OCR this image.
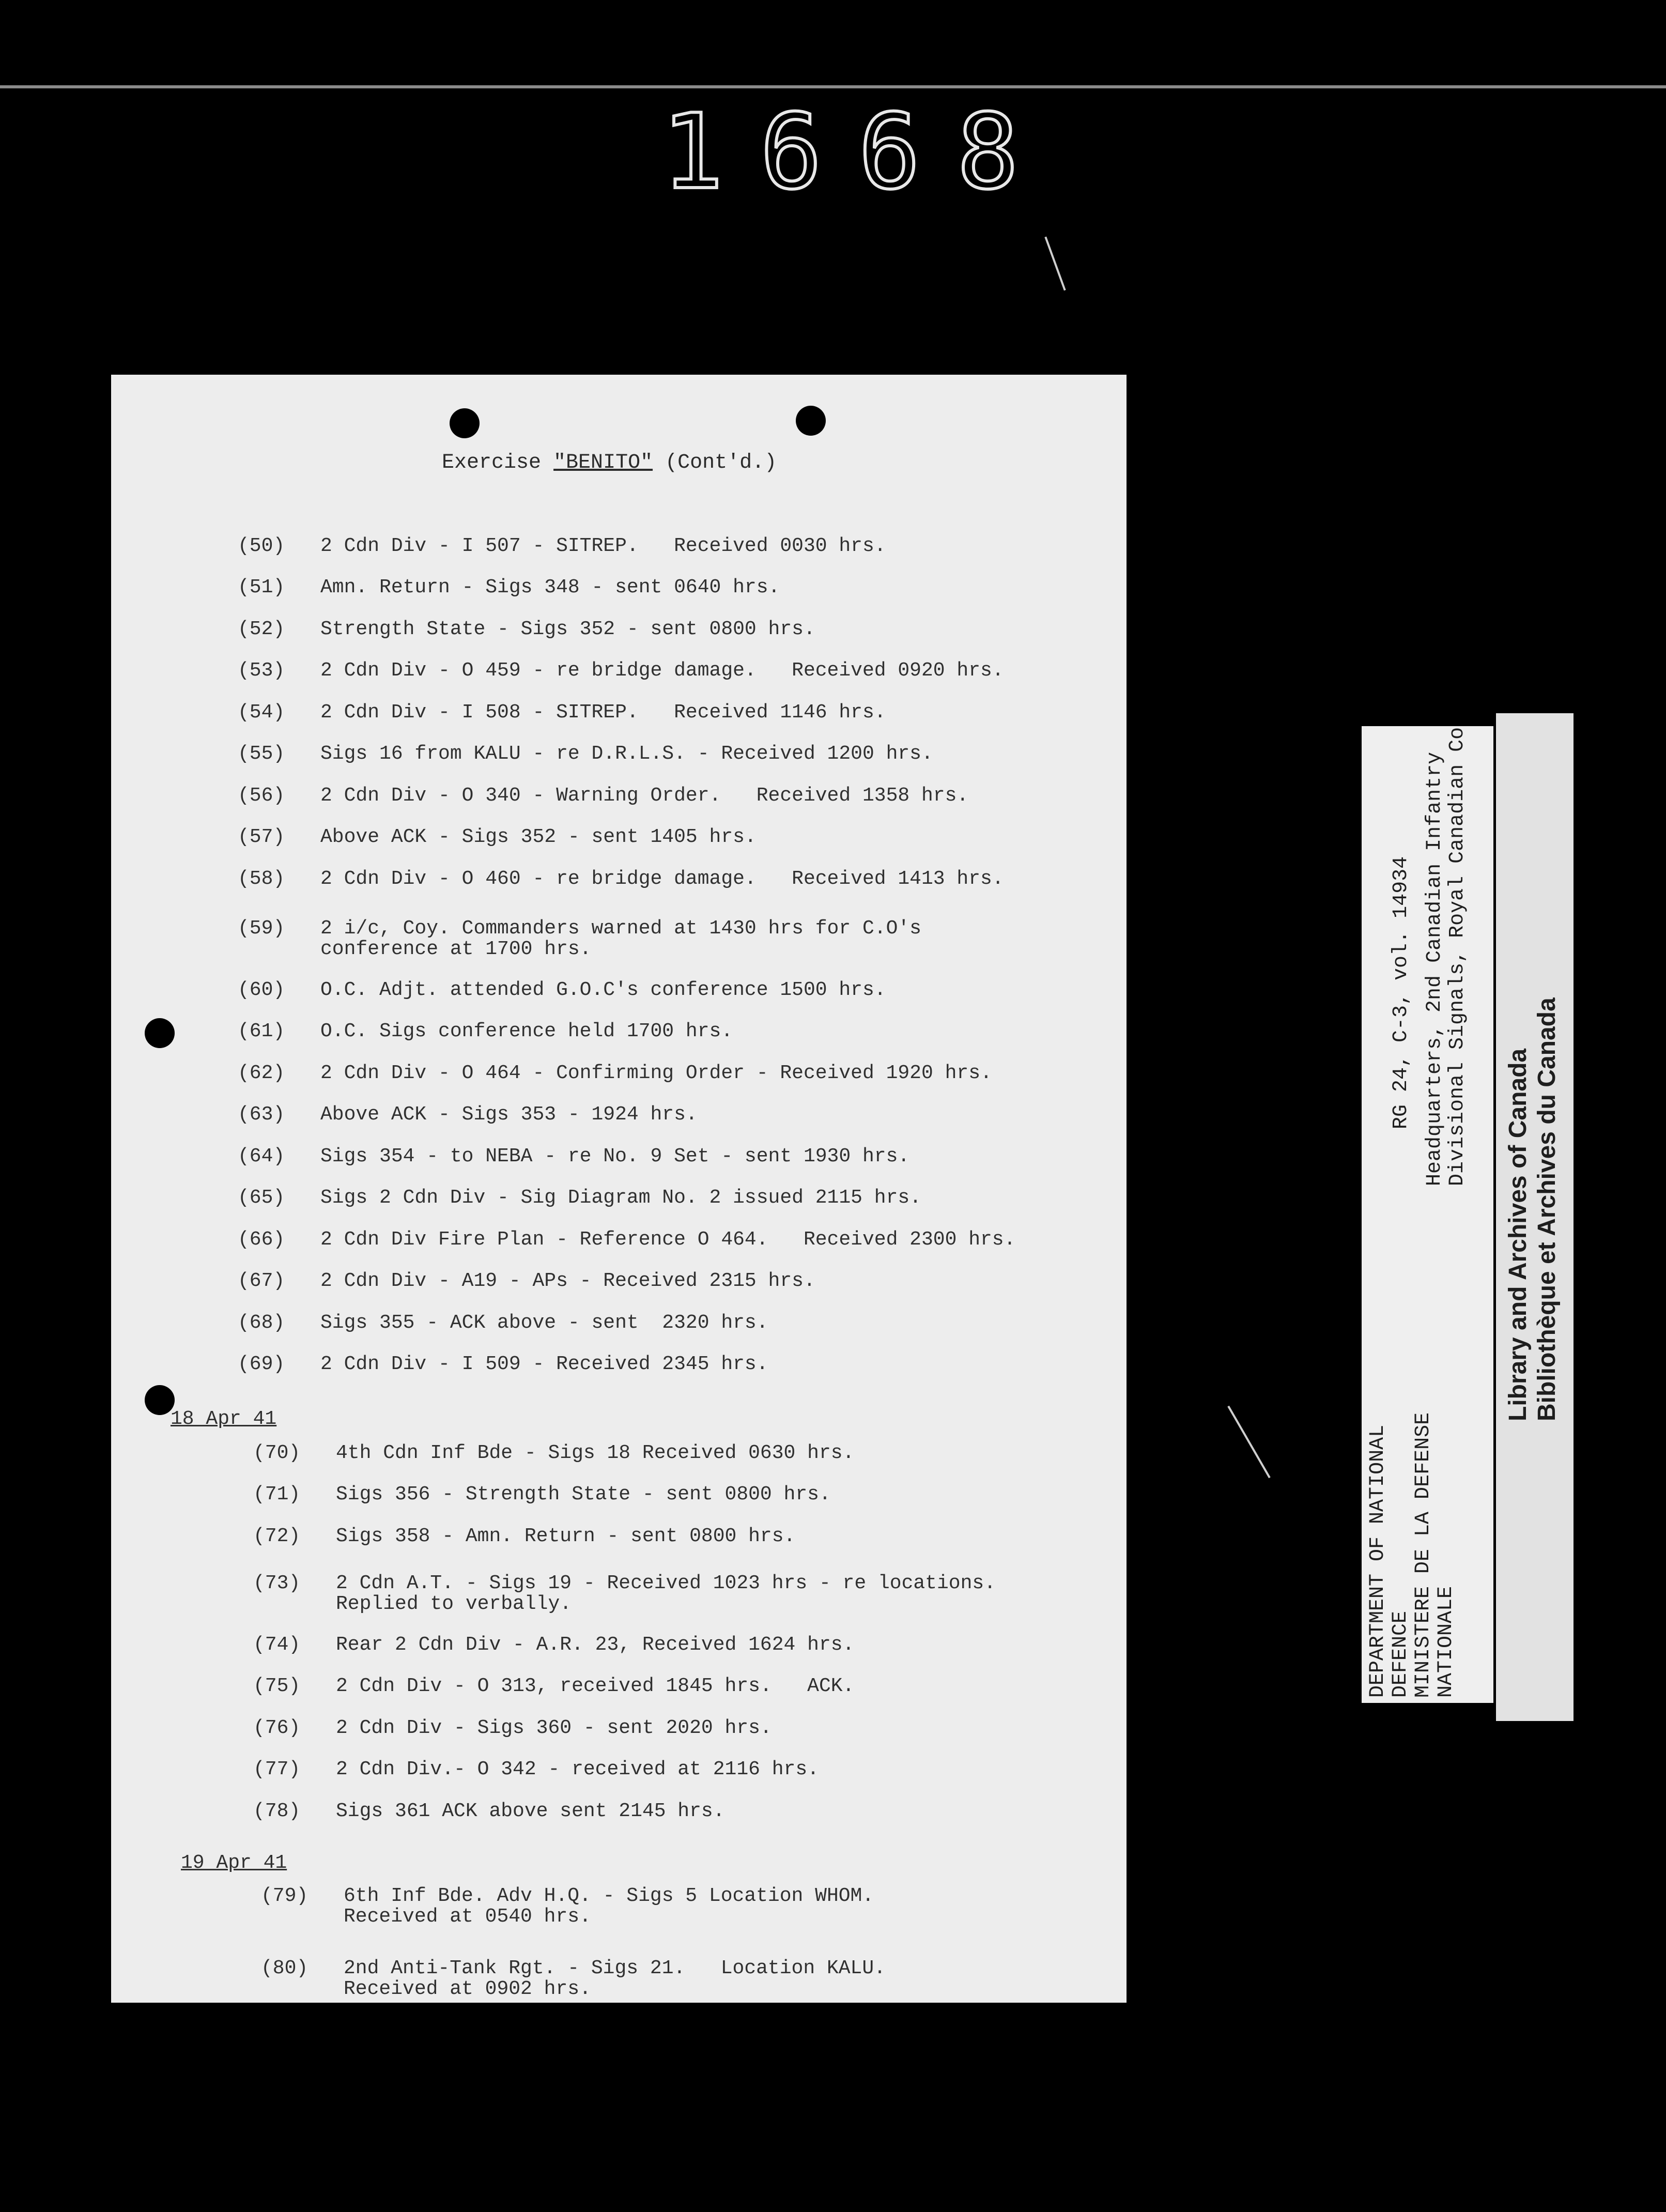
1668
Exercise "BENITO" (Cont'd.)
(50) 2 Cdn Div - I 507 - SITREP.   Received 0030 hrs.
(51) Amn. Return - Sigs 348 - sent 0640 hrs.
(52) Strength State - Sigs 352 - sent 0800 hrs.
(53) 2 Cdn Div - O 459 - re bridge damage.   Received 0920 hrs.
(54) 2 Cdn Div - I 508 - SITREP.   Received 1146 hrs.
(55) Sigs 16 from KALU - re D.R.L.S. - Received 1200 hrs.
(56) 2 Cdn Div - O 340 - Warning Order.   Received 1358 hrs.
(57) Above ACK - Sigs 352 - sent 1405 hrs.
(58) 2 Cdn Div - O 460 - re bridge damage.   Received 1413 hrs.
(59) 2 i/c, Coy. Commanders warned at 1430 hrs for C.O's
conference at 1700 hrs.
(60) O.C. Adjt. attended G.O.C's conference 1500 hrs.
(61) O.C. Sigs conference held 1700 hrs.
(62) 2 Cdn Div - O 464 - Confirming Order - Received 1920 hrs.
(63) Above ACK - Sigs 353 - 1924 hrs.
(64) Sigs 354 - to NEBA - re No. 9 Set - sent 1930 hrs.
(65) Sigs 2 Cdn Div - Sig Diagram No. 2 issued 2115 hrs.
(66) 2 Cdn Div Fire Plan - Reference O 464.   Received 2300 hrs.
(67) 2 Cdn Div - A19 - APs - Received 2315 hrs.
(68) Sigs 355 - ACK above - sent  2320 hrs.
(69) 2 Cdn Div - I 509 - Received 2345 hrs.
18 Apr 41
(70) 4th Cdn Inf Bde - Sigs 18 Received 0630 hrs.
(71) Sigs 356 - Strength State - sent 0800 hrs.
(72) Sigs 358 - Amn. Return - sent 0800 hrs.
(73) 2 Cdn A.T. - Sigs 19 - Received 1023 hrs - re locations.
Replied to verbally.
(74) Rear 2 Cdn Div - A.R. 23, Received 1624 hrs.
(75) 2 Cdn Div - O 313, received 1845 hrs.   ACK.
(76) 2 Cdn Div - Sigs 360 - sent 2020 hrs.
(77) 2 Cdn Div.- O 342 - received at 2116 hrs.
(78) Sigs 361 ACK above sent 2145 hrs.
19 Apr 41
(79) 6th Inf Bde. Adv H.Q. - Sigs 5 Location WHOM.
Received at 0540 hrs.
(80) 2nd Anti-Tank Rgt. - Sigs 21.   Location KALU.
Received at 0902 hrs.
DEPARTMENT OF NATIONAL DEFENCE MINISTERE DE LA DEFENSE NATIONALE
RG 24, C-3, vol. 14934 Headquarters, 2nd Canadian Infantry Divisional Signals, Royal Canadian Co
Library and Archives of Canada Bibliothèque et Archives du Canada
